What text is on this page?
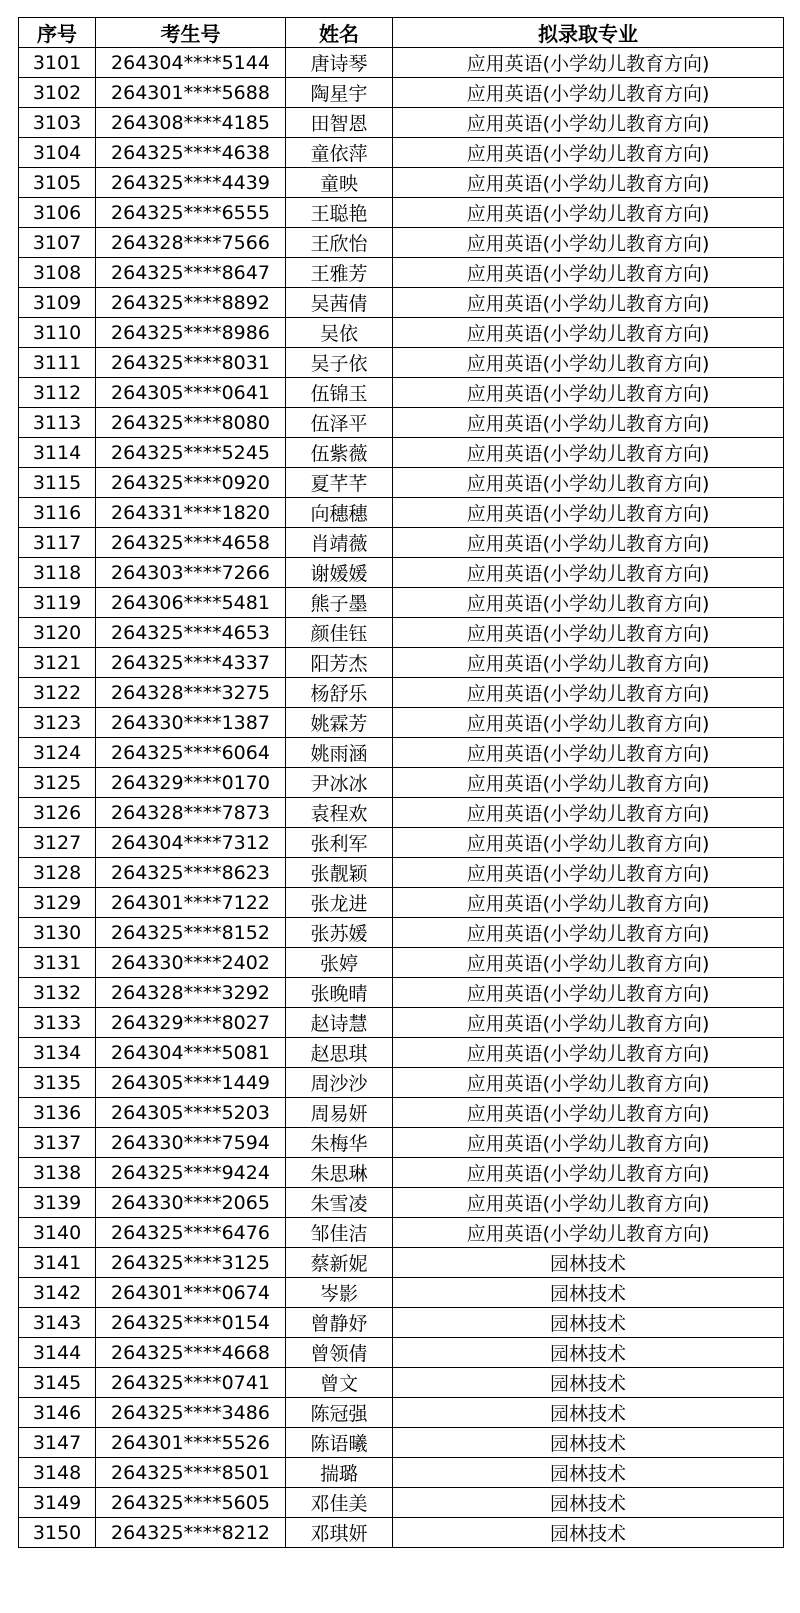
序号	考生号	姓名	拟录取专业
3101	264304****5144	唐诗琴	应用英语(小学幼儿教育方向)
3102	264301****5688	陶星宇	应用英语(小学幼儿教育方向)
3103	264308****4185	田智恩	应用英语(小学幼儿教育方向)
3104	264325****4638	童依萍	应用英语(小学幼儿教育方向)
3105	264325****4439	童映	应用英语(小学幼儿教育方向)
3106	264325****6555	王聪艳	应用英语(小学幼儿教育方向)
3107	264328****7566	王欣怡	应用英语(小学幼儿教育方向)
3108	264325****8647	王雅芳	应用英语(小学幼儿教育方向)
3109	264325****8892	吴茜倩	应用英语(小学幼儿教育方向)
3110	264325****8986	吴依	应用英语(小学幼儿教育方向)
3111	264325****8031	吴子依	应用英语(小学幼儿教育方向)
3112	264305****0641	伍锦玉	应用英语(小学幼儿教育方向)
3113	264325****8080	伍泽平	应用英语(小学幼儿教育方向)
3114	264325****5245	伍紫薇	应用英语(小学幼儿教育方向)
3115	264325****0920	夏芊芊	应用英语(小学幼儿教育方向)
3116	264331****1820	向穗穗	应用英语(小学幼儿教育方向)
3117	264325****4658	肖靖薇	应用英语(小学幼儿教育方向)
3118	264303****7266	谢媛媛	应用英语(小学幼儿教育方向)
3119	264306****5481	熊子墨	应用英语(小学幼儿教育方向)
3120	264325****4653	颜佳钰	应用英语(小学幼儿教育方向)
3121	264325****4337	阳芳杰	应用英语(小学幼儿教育方向)
3122	264328****3275	杨舒乐	应用英语(小学幼儿教育方向)
3123	264330****1387	姚霖芳	应用英语(小学幼儿教育方向)
3124	264325****6064	姚雨涵	应用英语(小学幼儿教育方向)
3125	264329****0170	尹冰冰	应用英语(小学幼儿教育方向)
3126	264328****7873	袁程欢	应用英语(小学幼儿教育方向)
3127	264304****7312	张利军	应用英语(小学幼儿教育方向)
3128	264325****8623	张靓颖	应用英语(小学幼儿教育方向)
3129	264301****7122	张龙进	应用英语(小学幼儿教育方向)
3130	264325****8152	张苏媛	应用英语(小学幼儿教育方向)
3131	264330****2402	张婷	应用英语(小学幼儿教育方向)
3132	264328****3292	张晚晴	应用英语(小学幼儿教育方向)
3133	264329****8027	赵诗慧	应用英语(小学幼儿教育方向)
3134	264304****5081	赵思琪	应用英语(小学幼儿教育方向)
3135	264305****1449	周沙沙	应用英语(小学幼儿教育方向)
3136	264305****5203	周易妍	应用英语(小学幼儿教育方向)
3137	264330****7594	朱梅华	应用英语(小学幼儿教育方向)
3138	264325****9424	朱思琳	应用英语(小学幼儿教育方向)
3139	264330****2065	朱雪凌	应用英语(小学幼儿教育方向)
3140	264325****6476	邹佳洁	应用英语(小学幼儿教育方向)
3141	264325****3125	蔡新妮	园林技术
3142	264301****0674	岑影	园林技术
3143	264325****0154	曾静妤	园林技术
3144	264325****4668	曾领倩	园林技术
3145	264325****0741	曾文	园林技术
3146	264325****3486	陈冠强	园林技术
3147	264301****5526	陈语曦	园林技术
3148	264325****8501	揣璐	园林技术
3149	264325****5605	邓佳美	园林技术
3150	264325****8212	邓琪妍	园林技术
